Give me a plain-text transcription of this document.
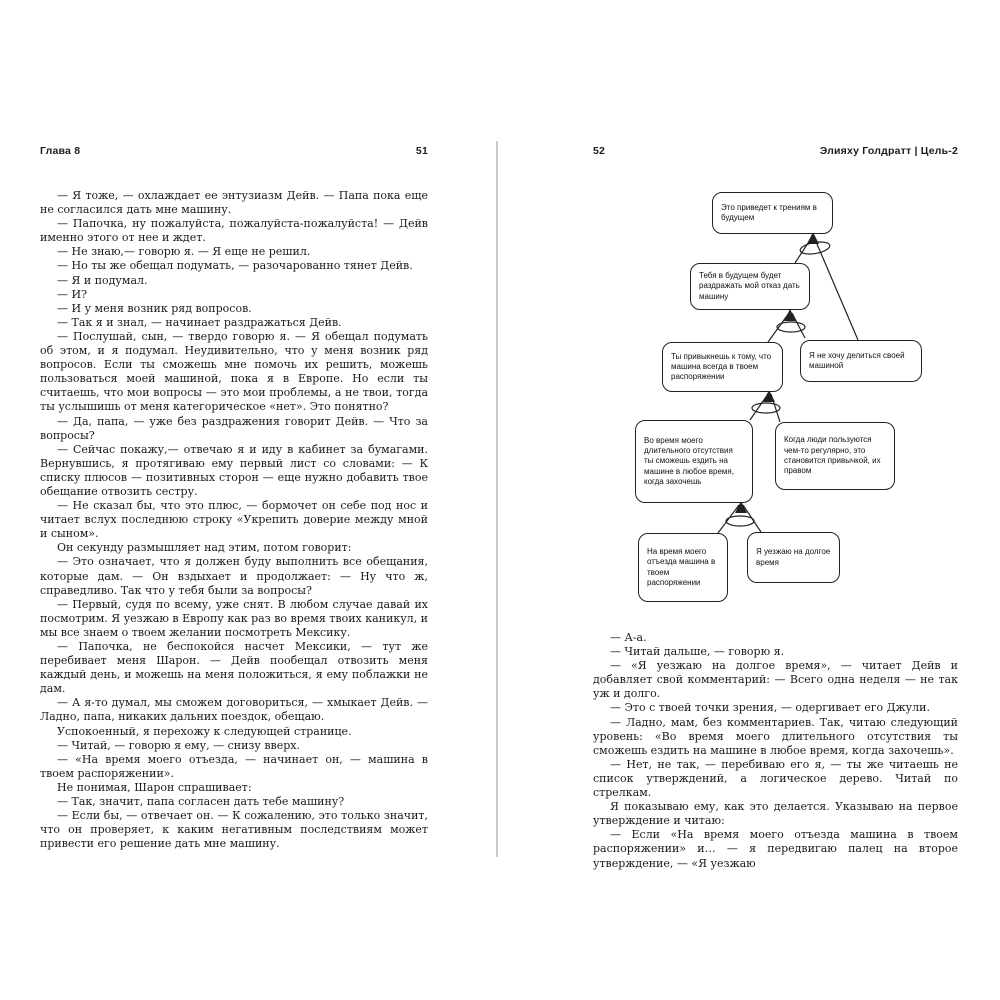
Глава 8	51

— Я тоже, — охлаждает ее энтузиазм Дейв. — Папа пока еще не согласился дать мне машину.

— Папочка, ну пожалуйста, пожалуйста-пожалуйста! — Дейв именно этого от нее и ждет.

— Не знаю,— говорю я. — Я еще не решил.

— Но ты же обещал подумать, — разочарованно тянет Дейв.

— Я и подумал.

— И?

— И у меня возник ряд вопросов.

— Так я и знал, — начинает раздражаться Дейв.

— Послушай, сын, — твердо говорю я. — Я обещал подумать об этом, и я подумал. Неудивительно, что у меня возник ряд вопросов. Если ты сможешь мне помочь их решить, можешь пользоваться моей машиной, пока я в Европе. Но если ты считаешь, что мои вопросы — это мои проблемы, а не твои, тогда ты услышишь от меня категорическое «нет». Это понятно?

— Да, папа, — уже без раздражения говорит Дейв. — Что за вопросы?

— Сейчас покажу,— отвечаю я и иду в кабинет за бумагами. Вернувшись, я протягиваю ему первый лист со словами: — К списку плюсов — позитивных сторон — еще нужно добавить твое обещание отвозить сестру.

— Не сказал бы, что это плюс, — бормочет он себе под нос и читает вслух последнюю строку «Укрепить доверие между мной и сыном».

Он секунду размышляет над этим, потом говорит:

— Это означает, что я должен буду выполнить все обещания, которые дам. — Он вздыхает и продолжает: — Ну что ж, справедливо. Так что у тебя были за вопросы?

— Первый, судя по всему, уже снят. В любом случае давай их посмотрим. Я уезжаю в Европу как раз во время твоих каникул, и мы все знаем о твоем желании посмотреть Мексику.

— Папочка, не беспокойся насчет Мексики, — тут же перебивает меня Шарон. — Дейв пообещал отвозить меня каждый день, и можешь на меня положиться, я ему поблажки не дам.

— А я-то думал, мы сможем договориться, — хмыкает Дейв. — Ладно, папа, никаких дальних поездок, обещаю.

Успокоенный, я перехожу к следующей странице.

— Читай, — говорю я ему, — снизу вверх.

— «На время моего отъезда, — начинает он, — машина в твоем распоряжении».

Не понимая, Шарон спрашивает:

— Так, значит, папа согласен дать тебе машину?

— Если бы, — отвечает он. — К сожалению, это только значит, что он проверяет, к каким негативным последствиям может привести его решение дать мне машину.

52	Элияху Голдратт | Цель-2
Это приведет к трениям в будущем
Тебя в будущем будет раздражать мой отказ дать машину
Ты привыкнешь к тому, что машина всегда в твоем распоряжении
Я не хочу делиться своей машиной
Во время моего длительного отсутствия ты сможешь ездить на машине в любое время, когда захочешь
Когда люди пользуются чем-то регулярно, это становится привычкой, их правом
На время моего отъезда машина в твоем распоряжении
Я уезжаю на долгое время

— А-а.

— Читай дальше, — говорю я.

— «Я уезжаю на долгое время», — читает Дейв и добавляет свой комментарий: — Всего одна неделя — не так уж и долго.

— Это с твоей точки зрения, — одергивает его Джули.

— Ладно, мам, без комментариев. Так, читаю следующий уровень: «Во время моего длительного отсутствия ты сможешь ездить на машине в любое время, когда захочешь».

— Нет, не так, — перебиваю его я, — ты же читаешь не список утверждений, а логическое дерево. Читай по стрелкам.

Я показываю ему, как это делается. Указываю на первое утверждение и читаю:

— Если «На время моего отъезда машина в твоем распоряжении» и… — я передвигаю палец на второе утверждение, — «Я уезжаю
